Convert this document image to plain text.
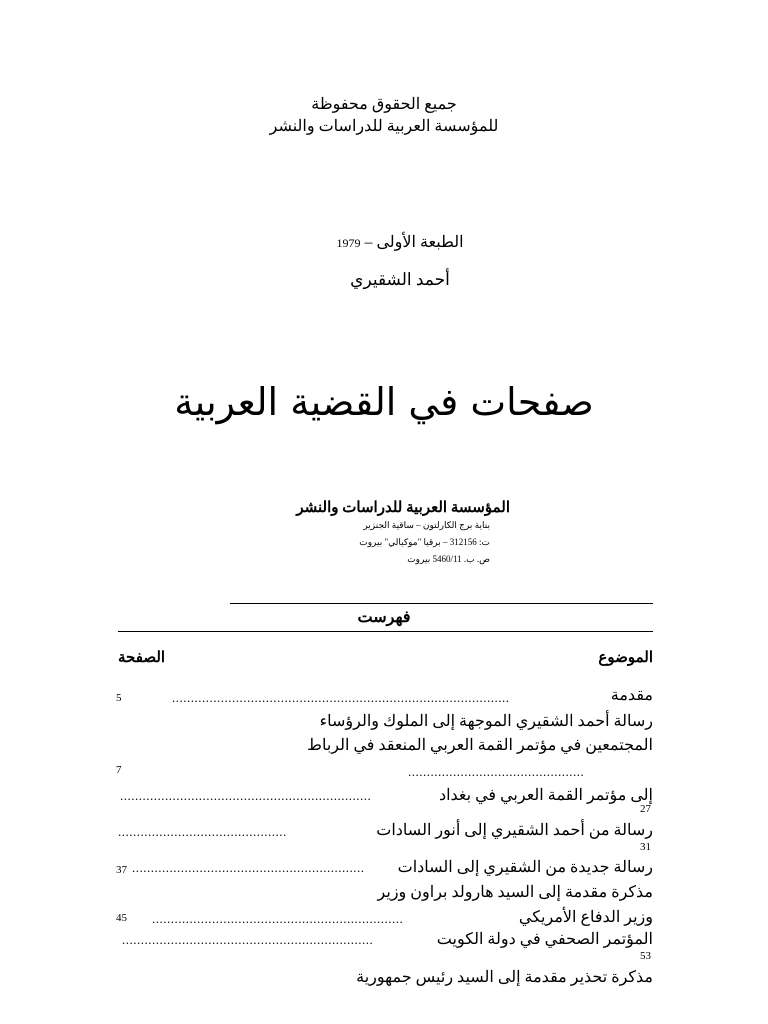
جميع الحقوق محفوظة
للمؤسسة العربية للدراسات والنشر
الطبعة الأولى – 1979
أحمد الشقيري
صفحات في القضية العربية
المؤسسة العربية للدراسات والنشر
بناية برج الكارلتون – ساقية الجنزير
ت: 312156 – برقيا "موكيالي" بيروت
ص. ب. 5460/11 بيروت
فهرست
الموضوع
الصفحة
مقدمة
..........................................................................................
5
رسالة أحمد الشقيري الموجهة إلى الملوك والرؤساء
المجتمعين في مؤتمر القمة العربي المنعقد في الرباط
7	...............................................
إلى مؤتمر القمة العربي في بغداد
...................................................................
27
رسالة من أحمد الشقيري إلى أنور السادات
.............................................
31
رسالة جديدة من الشقيري إلى السادات
37 ..............................................................
مذكرة مقدمة إلى السيد هارولد براون وزير
وزير الدفاع الأمريكي
45 ...................................................................
المؤتمر الصحفي في دولة الكويت
...................................................................
53
مذكرة تحذير مقدمة إلى السيد رئيس جمهورية
